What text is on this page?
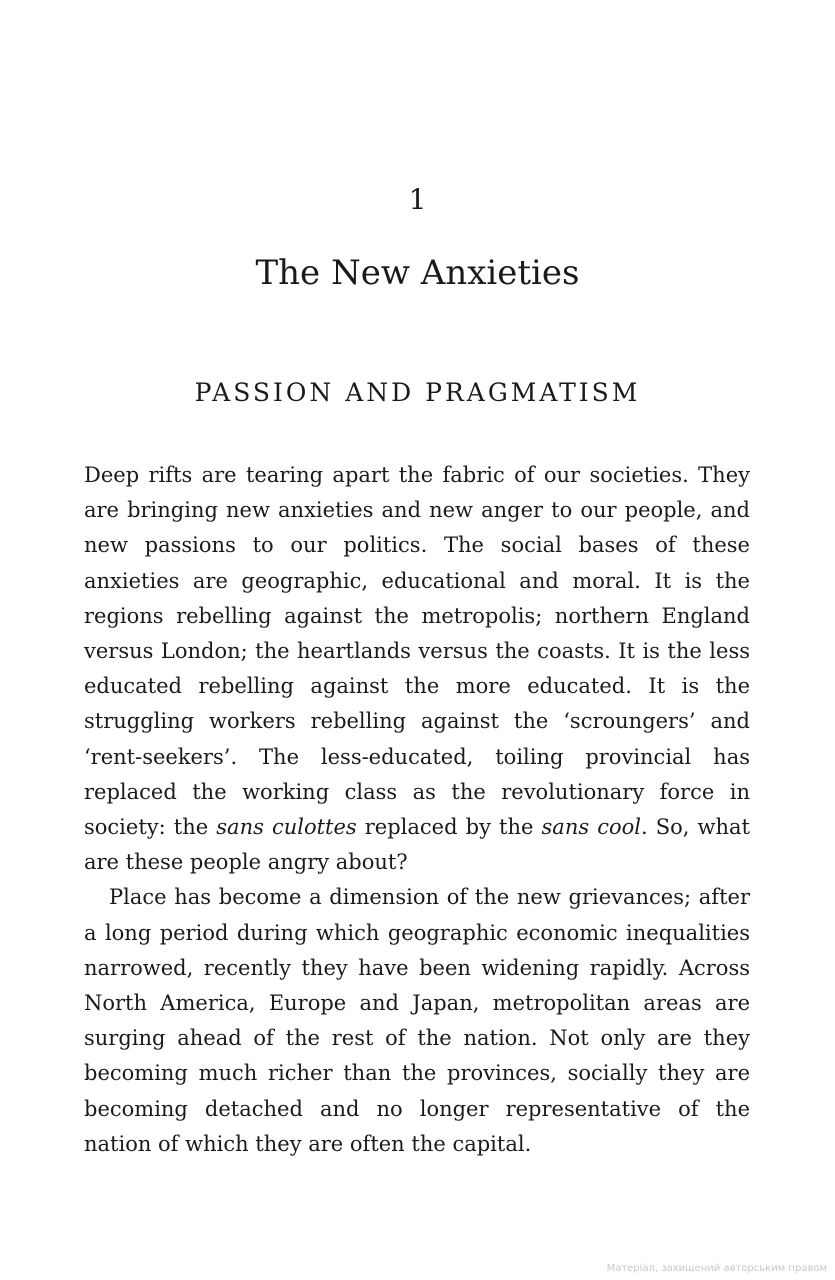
1
The New Anxieties
PASSION AND PRAGMATISM

Deep rifts are tearing apart the fabric of our societies. They are bringing new anxieties and new anger to our people, and new passions to our politics. The social bases of these anxieties are geographic, educational and moral. It is the regions rebelling against the metropolis; northern England versus London; the heartlands versus the coasts. It is the less educated rebelling against the more educated. It is the struggling workers rebelling against the ‘scroungers’ and ‘rent-seekers’. The less-educated, toiling provincial has replaced the working class as the revolutionary force in society: the sans culottes replaced by the sans cool. So, what are these people angry about?

Place has become a dimension of the new grievances; after a long period during which geographic economic inequalities narrowed, recently they have been widening rapidly. Across North America, Europe and Japan, metropolitan areas are surging ahead of the rest of the nation. Not only are they becoming much richer than the provinces, socially they are becoming detached and no longer representative of the nation of which they are often the capital.

Матеріал, захищений авторським правом
